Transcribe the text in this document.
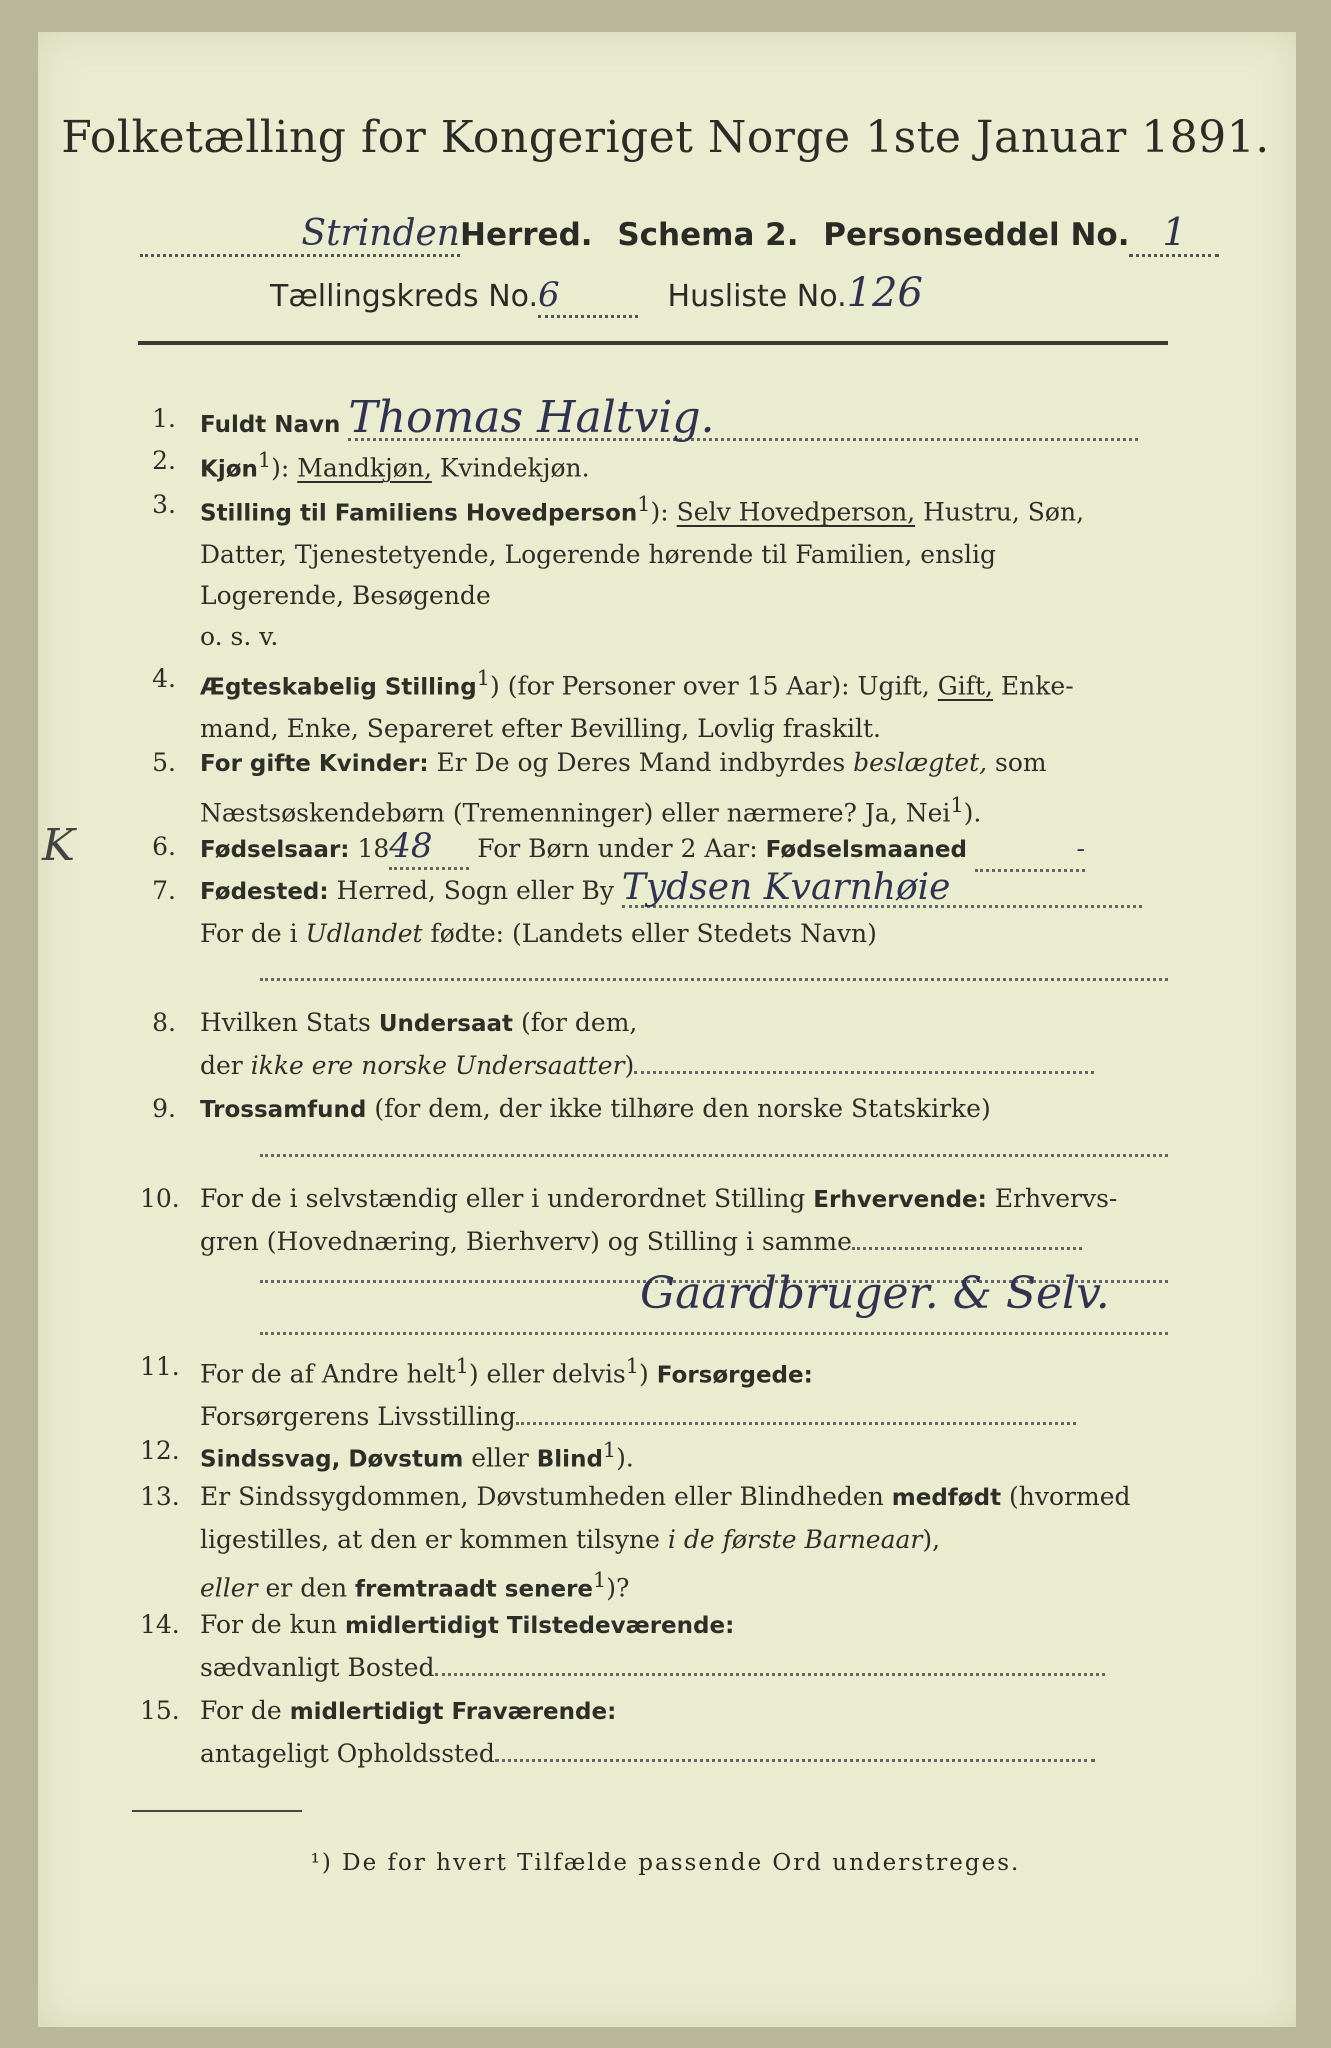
Folketælling for Kongeriget Norge 1ste Januar 1891.
StrindenHerred. Schema 2. Personseddel No. 1
Tællingskreds No.6	Husliste No.126
1. Fuldt Navn Thomas Haltvig.
2. Kjøn$^1$): Mandkjøn, Kvindekjøn.
3. Stilling til Familiens Hovedperson$^1$): Selv Hovedperson, Hustru, Søn,
Datter, Tjenestetyende, Logerende hørende til Familien, enslig
Logerende, Besøgende
o. s. v.
4. Ægteskabelig Stilling$^1$) (for Personer over 15 Aar): Ugift, Gift, Enke-
mand, Enke, Separeret efter Bevilling, Lovlig fraskilt.
5. For gifte Kvinder: Er De og Deres Mand indbyrdes beslægtet, som
Næstsøskendebørn (Tremenninger) eller nærmere? Ja, Nei$^1$).
K	6. Fødselsaar: 1848 For Børn under 2 Aar: Fødselsmaaned	-
7. Fødested: Herred, Sogn eller By Tydsen Kvarnhøie
For de i Udlandet fødte: (Landets eller Stedets Navn)
8. Hvilken Stats Undersaat (for dem,
der ikke ere norske Undersaatter)
9. Trossamfund (for dem, der ikke tilhøre den norske Statskirke)
10. For de i selvstændig eller i underordnet Stilling Erhvervende: Erhvervs-
gren (Hovednæring, Bierhverv) og Stilling i samme
Gaardbruger. & Selv.
11. For de af Andre helt$^1$) eller delvis$^1$) Forsørgede:
Forsørgerens Livsstilling
12. Sindssvag, Døvstum eller Blind$^1$).
13. Er Sindssygdommen, Døvstumheden eller Blindheden medfødt (hvormed
ligestilles, at den er kommen tilsyne i de første Barneaar),
eller er den fremtraadt senere$^1$)?
14. For de kun midlertidigt Tilstedeværende:
sædvanligt Bosted
15. For de midlertidigt Fraværende:
antageligt Opholdssted
¹) De for hvert Tilfælde passende Ord understreges.
